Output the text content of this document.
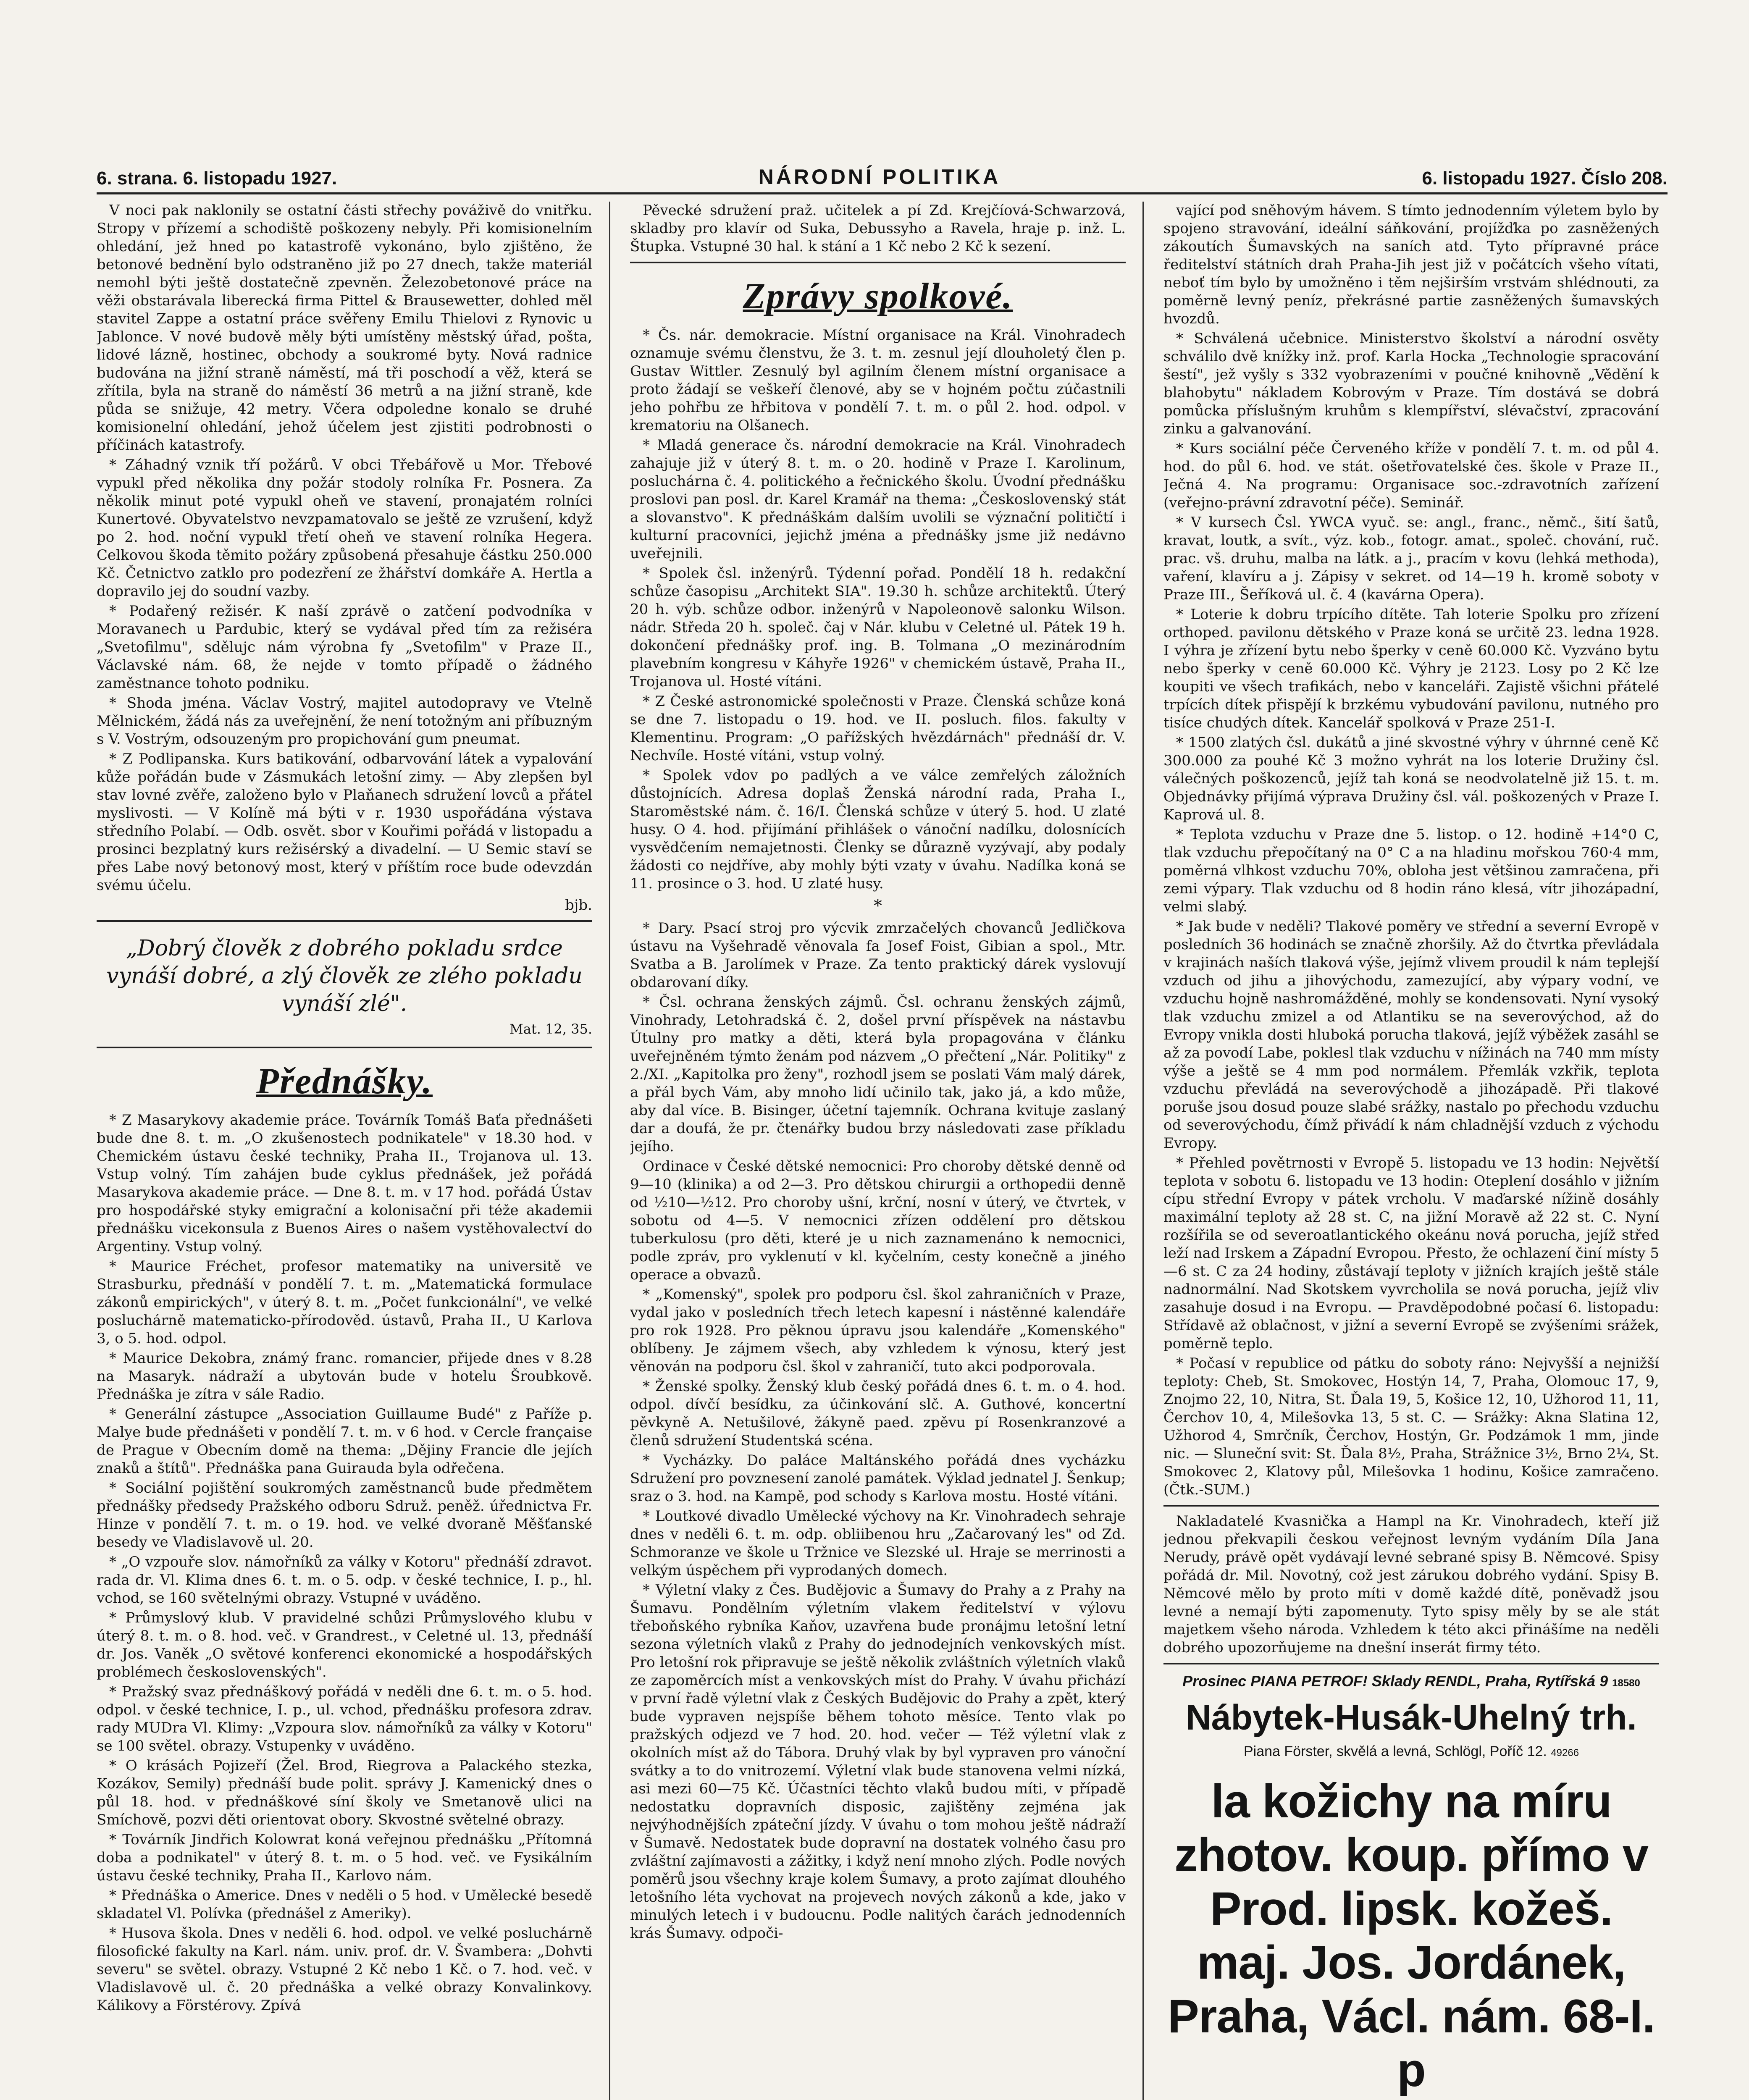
6. strana. 6. listopadu 1927.	NÁRODNÍ POLITIKA	6. listopadu 1927. Číslo 208.

V noci pak naklonily se ostatní části střechy pováživě do vnitřku. Stropy v přízemí a schodiště poškozeny nebyly. Při komisionelním ohledání, jež hned po katastrofě vykonáno, bylo zjištěno, že betonové bednění bylo odstraněno již po 27 dnech, takže materiál nemohl býti ještě dostatečně zpevněn. Železobetonové práce na věži obstarávala liberecká firma Pittel & Brausewetter, dohled měl stavitel Zappe a ostatní práce svěřeny Emilu Thielovi z Rynovic u Jablonce. V nové budově měly býti umístěny městský úřad, pošta, lidové lázně, hostinec, obchody a soukromé byty. Nová radnice budována na jižní straně náměstí, má tři poschodí a věž, která se zřítila, byla na straně do náměstí 36 metrů a na jižní straně, kde půda se snižuje, 42 metry. Včera odpoledne konalo se druhé komisionelní ohledání, jehož účelem jest zjistiti podrobnosti o příčinách katastrofy.

* Záhadný vznik tří požárů. V obci Třebářově u Mor. Třebové vypukl před několika dny požár stodoly rolníka Fr. Posnera. Za několik minut poté vypukl oheň ve stavení, pronajatém rolníci Kunertové. Obyvatelstvo nevzpamatovalo se ještě ze vzrušení, když po 2. hod. noční vypukl třetí oheň ve stavení rolníka Hegera. Celkovou škoda těmito požáry způsobená přesahuje částku 250.000 Kč. Četnictvo zatklo pro podezření ze žhářství domkáře A. Hertla a dopravilo jej do soudní vazby.

* Podařený režisér. K naší zprávě o zatčení podvodníka v Moravanech u Pardubic, který se vydával před tím za režiséra „Svetofilmu", sdělujc nám výrobna fy „Svetofilm" v Praze II., Václavské nám. 68, že nejde v tomto případě o žádného zaměstnance tohoto podniku.

* Shoda jména. Václav Vostrý, majitel autodopravy ve Vtelně Mělnickém, žádá nás za uveřejnění, že není totožným ani příbuzným s V. Vostrým, odsouzeným pro propichování gum pneumat.

* Z Podlipanska. Kurs batikování, odbarvování látek a vypalování kůže pořádán bude v Zásmukách letošní zimy. — Aby zlepšen byl stav lovné zvěře, založeno bylo v Plaňanech sdružení lovců a přátel myslivosti. — V Kolíně má býti v r. 1930 uspořádána výstava středního Polabí. — Odb. osvět. sbor v Kouřimi pořádá v listopadu a prosinci bezplatný kurs režisérský a divadelní. — U Semic staví se přes Labe nový betonový most, který v příštím roce bude odevzdán svému účelu.

bjb.
„Dobrý člověk z dobrého pokladu srdce vynáší dobré, a zlý člověk ze zlého pokladu vynáší zlé".
Mat. 12, 35.
Přednášky.

* Z Masarykovy akademie práce. Továrník Tomáš Baťa přednášeti bude dne 8. t. m. „O zkušenostech podnikatele" v 18.30 hod. v Chemickém ústavu české techniky, Praha II., Trojanova ul. 13. Vstup volný. Tím zahájen bude cyklus přednášek, jež pořádá Masarykova akademie práce. — Dne 8. t. m. v 17 hod. pořádá Ústav pro hospodářské styky emigrační a kolonisační při téže akademii přednášku vicekonsula z Buenos Aires o našem vystěhovalectví do Argentiny. Vstup volný.

* Maurice Fréchet, profesor matematiky na universitě ve Strasburku, přednáší v pondělí 7. t. m. „Matematická formulace zákonů empirických", v úterý 8. t. m. „Počet funkcionální", ve velké posluchárně matematicko-přírodověd. ústavů, Praha II., U Karlova 3, o 5. hod. odpol.

* Maurice Dekobra, známý franc. romancier, přijede dnes v 8.28 na Masaryk. nádraží a ubytován bude v hotelu Šroubkově. Přednáška je zítra v sále Radio.

* Generální zástupce „Association Guillaume Budé" z Paříže p. Malye bude přednášeti v pondělí 7. t. m. v 6 hod. v Cercle française de Prague v Obecním domě na thema: „Dějiny Francie dle jejích znaků a štítů". Přednáška pana Guirauda byla odřečena.

* Sociální pojištění soukromých zaměstnanců bude předmětem přednášky předsedy Pražského odboru Sdruž. peněž. úřednictva Fr. Hinze v pondělí 7. t. m. o 19. hod. ve velké dvoraně Měšťanské besedy ve Vladislavově ul. 20.

* „O vzpouře slov. námořníků za války v Kotoru" přednáší zdravot. rada dr. Vl. Klima dnes 6. t. m. o 5. odp. v české technice, I. p., hl. vchod, se 160 světelnými obrazy. Vstupné v uváděno.

* Průmyslový klub. V pravidelné schůzi Průmyslového klubu v úterý 8. t. m. o 8. hod. več. v Grandrest., v Celetné ul. 13, přednáší dr. Jos. Vaněk „O světové konferenci ekonomické a hospodářských problémech československých".

* Pražský svaz přednáškový pořádá v neděli dne 6. t. m. o 5. hod. odpol. v české technice, I. p., ul. vchod, přednášku profesora zdrav. rady MUDra Vl. Klimy: „Vzpoura slov. námořníků za války v Kotoru" se 100 světel. obrazy. Vstupenky v uváděno.

* O krásách Pojizeří (Žel. Brod, Riegrova a Palackého stezka, Kozákov, Semily) přednáší bude polit. správy J. Kamenický dnes o půl 18. hod. v přednáškové síní školy ve Smetanově ulici na Smíchově, pozvi děti orientovat obory. Skvostné světelné obrazy.

* Továrník Jindřich Kolowrat koná veřejnou přednášku „Přítomná doba a podnikatel" v úterý 8. t. m. o 5 hod. več. ve Fysikálním ústavu české techniky, Praha II., Karlovo nám.

* Přednáška o Americe. Dnes v neděli o 5 hod. v Umělecké besedě skladatel Vl. Polívka (přednášel z Ameriky).

* Husova škola. Dnes v neděli 6. hod. odpol. ve velké posluchárně filosofické fakulty na Karl. nám. univ. prof. dr. V. Švambera: „Dohvti severu" se světel. obrazy. Vstupné 2 Kč nebo 1 Kč. o 7. hod. več. v Vladislavově ul. č. 20 přednáška a velké obrazy Konvalinkovy. Kálikovy a Förstérovy. Zpívá

Pěvecké sdružení praž. učitelek a pí Zd. Krejčíová-Schwarzová, skladby pro klavír od Suka, Debussyho a Ravela, hraje p. inž. L. Štupka. Vstupné 30 hal. k stání a 1 Kč nebo 2 Kč k sezení.

Zprávy spolkové.

* Čs. nár. demokracie. Místní organisace na Král. Vinohradech oznamuje svému členstvu, že 3. t. m. zesnul její dlouholetý člen p. Gustav Wittler. Zesnulý byl agilním členem místní organisace a proto žádají se veškeří členové, aby se v hojném počtu zúčastnili jeho pohřbu ze hřbitova v pondělí 7. t. m. o půl 2. hod. odpol. v krematoriu na Olšanech.

* Mladá generace čs. národní demokracie na Král. Vinohradech zahajuje již v úterý 8. t. m. o 20. hodině v Praze I. Karolinum, posluchárna č. 4. politického a řečnického školu. Úvodní přednášku proslovi pan posl. dr. Karel Kramář na thema: „Československý stát a slovanstvo". K přednáškám dalším uvolili se význační političtí i kulturní pracovníci, jejichž jména a přednášky jsme již nedávno uveřejnili.

* Spolek čsl. inženýrů. Týdenní pořad. Pondělí 18 h. redakční schůze časopisu „Architekt SIA". 19.30 h. schůze architektů. Úterý 20 h. výb. schůze odbor. inženýrů v Napoleonově salonku Wilson. nádr. Středa 20 h. společ. čaj v Nár. klubu v Celetné ul. Pátek 19 h. dokončení přednášky prof. ing. B. Tolmana „O mezinárodním plavebním kongresu v Káhyře 1926" v chemickém ústavě, Praha II., Trojanova ul. Hosté vítáni.

* Z České astronomické společnosti v Praze. Členská schůze koná se dne 7. listopadu o 19. hod. ve II. posluch. filos. fakulty v Klementinu. Program: „O pařížských hvězdárnách" přednáší dr. V. Nechvíle. Hosté vítáni, vstup volný.

* Spolek vdov po padlých a ve válce zemřelých záložních důstojnících. Adresa doplaš Ženská národní rada, Praha I., Staroměstské nám. č. 16/I. Členská schůze v úterý 5. hod. U zlaté husy. O 4. hod. přijímání přihlášek o vánoční nadílku, dolosnících vysvědčením nemajetnosti. Členky se důrazně vyzývají, aby podaly žádosti co nejdříve, aby mohly býti vzaty v úvahu. Nadílka koná se 11. prosince o 3. hod. U zlaté husy.

*

* Dary. Psací stroj pro výcvik zmrzačelých chovanců Jedličkova ústavu na Vyšehradě věnovala fa Josef Foist, Gibian a spol., Mtr. Svatba a B. Jarolímek v Praze. Za tento praktický dárek vyslovují obdarovaní díky.

* Čsl. ochrana ženských zájmů. Čsl. ochranu ženských zájmů, Vinohrady, Letohradská č. 2, došel první příspěvek na nástavbu Útulny pro matky a děti, která byla propagována v článku uveřejněném týmto ženám pod názvem „O přečtení „Nár. Politiky" z 2./XI. „Kapitolka pro ženy", rozhodl jsem se poslati Vám malý dárek, a přál bych Vám, aby mnoho lidí učinilo tak, jako já, a kdo může, aby dal více. B. Bisinger, účetní tajemník. Ochrana kvituje zaslaný dar a doufá, že pr. čtenářky budou brzy následovati zase příkladu jejího.

Ordinace v České dětské nemocnici: Pro choroby dětské denně od 9—10 (klinika) a od 2—3. Pro dětskou chirurgii a orthopedii denně od ½10—½12. Pro choroby ušní, krční, nosní v úterý, ve čtvrtek, v sobotu od 4—5. V nemocnici zřízen oddělení pro dětskou tuberkulosu (pro děti, které je u nich zaznamenáno k nemocnici, podle zpráv, pro vyklenutí v kl. kyčelním, cesty konečně a jiného operace a obvazů.

* „Komenský", spolek pro podporu čsl. škol zahraničních v Praze, vydal jako v posledních třech letech kapesní i nástěnné kalendáře pro rok 1928. Pro pěknou úpravu jsou kalendáře „Komenského" oblíbeny. Je zájmem všech, aby vzhledem k výnosu, který jest věnován na podporu čsl. škol v zahraničí, tuto akci podporovala.

* Ženské spolky. Ženský klub český pořádá dnes 6. t. m. o 4. hod. odpol. dívčí besídku, za účinkování slč. A. Guthové, koncertní pěvkyně A. Netušilové, žákyně paed. zpěvu pí Rosenkranzové a členů sdružení Studentská scéna.

* Vycházky. Do paláce Maltánského pořádá dnes vycházku Sdružení pro povznesení zanolé památek. Výklad jednatel J. Šenkup; sraz o 3. hod. na Kampě, pod schody s Karlova mostu. Hosté vítáni.

* Loutkové divadlo Umělecké výchovy na Kr. Vinohradech sehraje dnes v neděli 6. t. m. odp. obliibenou hru „Začarovaný les" od Zd. Schmoranze ve škole u Tržnice ve Slezské ul. Hraje se merrinosti a velkým úspěchem při vyprodaných domech.

* Výletní vlaky z Čes. Budějovic a Šumavy do Prahy a z Prahy na Šumavu. Pondělním výletním vlakem ředitelství v výlovu třeboňského rybníka Kaňov, uzavřena bude pronájmu letošní letní sezona výletních vlaků z Prahy do jednodejních venkovských míst. Pro letošní rok připravuje se ještě několik zvláštních výletních vlaků ze zapoměrcích míst a venkovských míst do Prahy. V úvahu přichází v první řadě výletní vlak z Českých Budějovic do Prahy a zpět, který bude vypraven nejspíše během tohoto měsíce. Tento vlak po pražských odjezd ve 7 hod. 20. hod. večer — Též výletní vlak z okolních míst až do Tábora. Druhý vlak by byl vypraven pro vánoční svátky a to do vnitrozemí. Výletní vlak bude stanovena velmi nízká, asi mezi 60—75 Kč. Účastníci těchto vlaků budou míti, v případě nedostatku dopravních disposic, zajištěny zejména jak nejvýhodnějších zpáteční jízdy. V úvahu o tom mohou ještě nádraží v Šumavě. Nedostatek bude dopravní na dostatek volného času pro zvláštní zajímavosti a zážitky, i když není mnoho zlých. Podle nových poměrů jsou všechny kraje kolem Šumavy, a proto zajímat dlouhého letošního léta vychovat na projevech nových zákonů a kde, jako v minulých letech i v budoucnu. Podle nalitých čarách jednodenních krás Šumavy. odpoči-

vající pod sněhovým hávem. S tímto jednodenním výletem bylo by spojeno stravování, ideální sáňkování, projížďka po zasněžených zákoutích Šumavských na saních atd. Tyto přípravné práce ředitelství státních drah Praha-Jih jest již v počátcích všeho vítati, neboť tím bylo by umožněno i těm nejširším vrstvám shlédnouti, za poměrně levný peníz, překrásné partie zasněžených šumavských hvozdů.

* Schválená učebnice. Ministerstvo školství a národní osvěty schválilo dvě knížky inž. prof. Karla Hocka „Technologie spracování šestí", jež vyšly s 332 vyobrazeními v poučné knihovně „Vědění k blahobytu" nákladem Kobrovým v Praze. Tím dostává se dobrá pomůcka příslušným kruhům s klempířství, slévačství, zpracování zinku a galvanování.

* Kurs sociální péče Červeného kříže v pondělí 7. t. m. od půl 4. hod. do půl 6. hod. ve stát. ošetřovatelské čes. škole v Praze II., Ječná 4. Na programu: Organisace soc.-zdravotních zařízení (veřejno-právní zdravotní péče). Seminář.

* V kursech Čsl. YWCA vyuč. se: angl., franc., němč., šití šatů, kravat, loutk, a svít., výz. kob., fotogr. amat., společ. chování, ruč. prac. vš. druhu, malba na látk. a j., pracím v kovu (lehká methoda), vaření, klavíru a j. Zápisy v sekret. od 14—19 h. kromě soboty v Praze III., Šeříková ul. č. 4 (kavárna Opera).

* Loterie k dobru trpícího dítěte. Tah loterie Spolku pro zřízení orthoped. pavilonu dětského v Praze koná se určitě 23. ledna 1928. I výhra je zřízení bytu nebo šperky v ceně 60.000 Kč. Vyzváno bytu nebo šperky v ceně 60.000 Kč. Výhry je 2123. Losy po 2 Kč lze koupiti ve všech trafikách, nebo v kanceláři. Zajistě všichni přátelé trpících dítek přispějí k brzkému vybudování pavilonu, nutného pro tisíce chudých dítek. Kancelář spolková v Praze 251-I.

* 1500 zlatých čsl. dukátů a jiné skvostné výhry v úhrnné ceně Kč 300.000 za pouhé Kč 3 možno vyhrát na los loterie Družiny čsl. válečných poškozenců, jejíž tah koná se neodvolatelně již 15. t. m. Objednávky přijímá výprava Družiny čsl. vál. poškozených v Praze I. Kaprová ul. 8.

* Teplota vzduchu v Praze dne 5. listop. o 12. hodině +14°0 C, tlak vzduchu přepočítaný na 0° C a na hladinu mořskou 760·4 mm, poměrná vlhkost vzduchu 70%, obloha jest většinou zamračena, při zemi výpary. Tlak vzduchu od 8 hodin ráno klesá, vítr jihozápadní, velmi slabý.

* Jak bude v neděli? Tlakové poměry ve střední a severní Evropě v posledních 36 hodinách se značně zhoršily. Až do čtvrtka převládala v krajinách naších tlaková výše, jejímž vlivem proudil k nám teplejší vzduch od jihu a jihovýchodu, zamezující, aby výpary vodní, ve vzduchu hojně nashromážděné, mohly se kondensovati. Nyní vysoký tlak vzduchu zmizel a od Atlantiku se na severovýchod, až do Evropy vnikla dosti hluboká porucha tlaková, jejíž výběžek zasáhl se až za povodí Labe, poklesl tlak vzduchu v nížinách na 740 mm místy výše a ještě se 4 mm pod normálem. Přemlák vzkřik, teplota vzduchu převládá na severovýchodě a jihozápadě. Při tlakové poruše jsou dosud pouze slabé srážky, nastalo po přechodu vzduchu od severovýchodu, čímž přivádí k nám chladnější vzduch z východu Evropy.

* Přehled povětrnosti v Evropě 5. listopadu ve 13 hodin: Největší teplota v sobotu 6. listopadu ve 13 hodin: Oteplení dosáhlo v jižním cípu střední Evropy v pátek vrcholu. V maďarské nížině dosáhly maximální teploty až 28 st. C, na jižní Moravě až 22 st. C. Nyní rozšířila se od severoatlantického okeánu nová porucha, jejíž střed leží nad Irskem a Západní Evropou. Přesto, že ochlazení činí místy 5—6 st. C za 24 hodiny, zůstávají teploty v jižních krajích ještě stále nadnormální. Nad Skotskem vyvrcholila se nová porucha, jejíž vliv zasahuje dosud i na Evropu. — Pravděpodobné počasí 6. listopadu: Střídavě až oblačnost, v jižní a severní Evropě se zvýšeními srážek, poměrně teplo.

* Počasí v republice od pátku do soboty ráno: Nejvyšší a nejnižší teploty: Cheb, St. Smokovec, Hostýn 14, 7, Praha, Olomouc 17, 9, Znojmo 22, 10, Nitra, St. Ďala 19, 5, Košice 12, 10, Užhorod 11, 11, Čerchov 10, 4, Milešovka 13, 5 st. C. — Srážky: Akna Slatina 12, Užhorod 4, Smrčník, Čerchov, Hostýn, Gr. Podzámok 1 mm, jinde nic. — Sluneční svit: St. Ďala 8½, Praha, Strážnice 3½, Brno 2¼, St. Smokovec 2, Klatovy půl, Milešovka 1 hodinu, Košice zamračeno. (Čtk.-SUM.)

Nakladatelé Kvasnička a Hampl na Kr. Vinohradech, kteří již jednou překvapili českou veřejnost levným vydáním Díla Jana Nerudy, právě opět vydávají levné sebrané spisy B. Němcové. Spisy pořádá dr. Mil. Novotný, což jest zárukou dobrého vydání. Spisy B. Němcové mělo by proto míti v domě každé dítě, poněvadž jsou levné a nemají býti zapomenuty. Tyto spisy měly by se ale stát majetkem všeho národa. Vzhledem k této akci přinášíme na neděli dobrého upozorňujeme na dnešní inserát firmy této.

Prosinec PIANA PETROF! Sklady RENDL, Praha, Rytířská 9 18580
Nábytek-Husák-Uhelný trh.
Piana Förster, skvělá a levná, Schlögl, Poříč 12. 49266
la kožichy na míru zhotov. koup. přímo v Prod. lipsk. kožeš. maj. Jos. Jordánek, Praha, Václ. nám. 68-I. p
